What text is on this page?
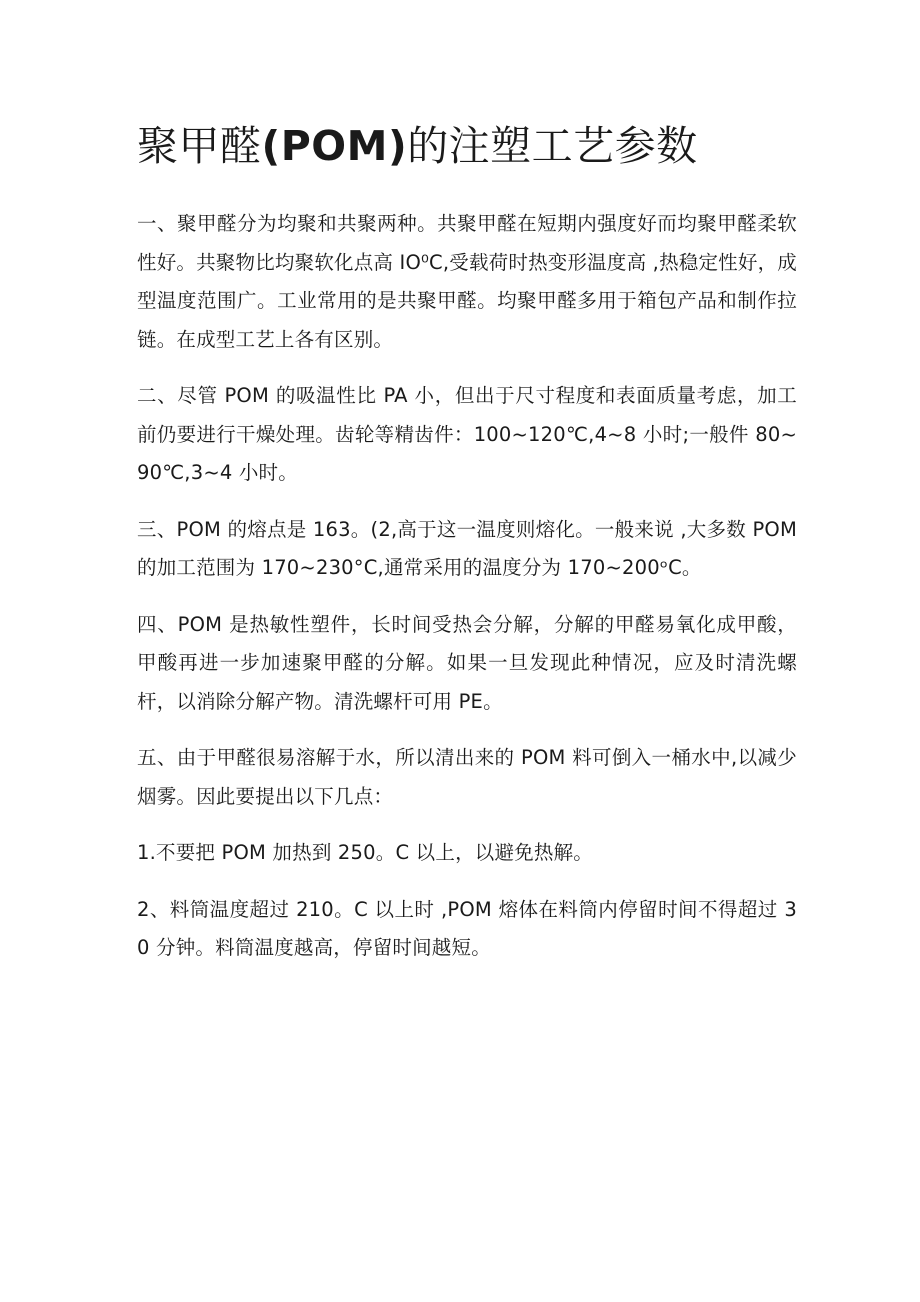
聚甲醛(POM)的注塑工艺参数

一、聚甲醛分为均聚和共聚两种。共聚甲醛在短期内强度好而均聚甲醛柔软性好。共聚物比均聚软化点高 IO⁰C,受载荷时热变形温度高 ,热稳定性好，成型温度范围广。工业常用的是共聚甲醛。均聚甲醛多用于箱包产品和制作拉链。在成型工艺上各有区别。

二、尽管 POM 的吸温性比 PA 小，但出于尺寸程度和表面质量考虑，加工前仍要进行干燥处理。齿轮等精齿件：100~120℃,4~8 小时;一般件 80~90℃,3~4 小时。

三、POM 的熔点是 163。(2,高于这一温度则熔化。一般来说 ,大多数 POM 的加工范围为 170~230°C,通常采用的温度分为 170~200ᵒC。

四、POM 是热敏性塑件，长时间受热会分解，分解的甲醛易氧化成甲酸，甲酸再进一步加速聚甲醛的分解。如果一旦发现此种情况，应及时清洗螺杆，以消除分解产物。清洗螺杆可用 PE。

五、由于甲醛很易溶解于水，所以清出来的 POM 料可倒入一桶水中,以减少烟雾。因此要提出以下几点：

1.不要把 POM 加热到 250。C 以上，以避免热解。

2、料筒温度超过 210。C 以上时 ,POM 熔体在料筒内停留时间不得超过 30 分钟。料筒温度越高，停留时间越短。
